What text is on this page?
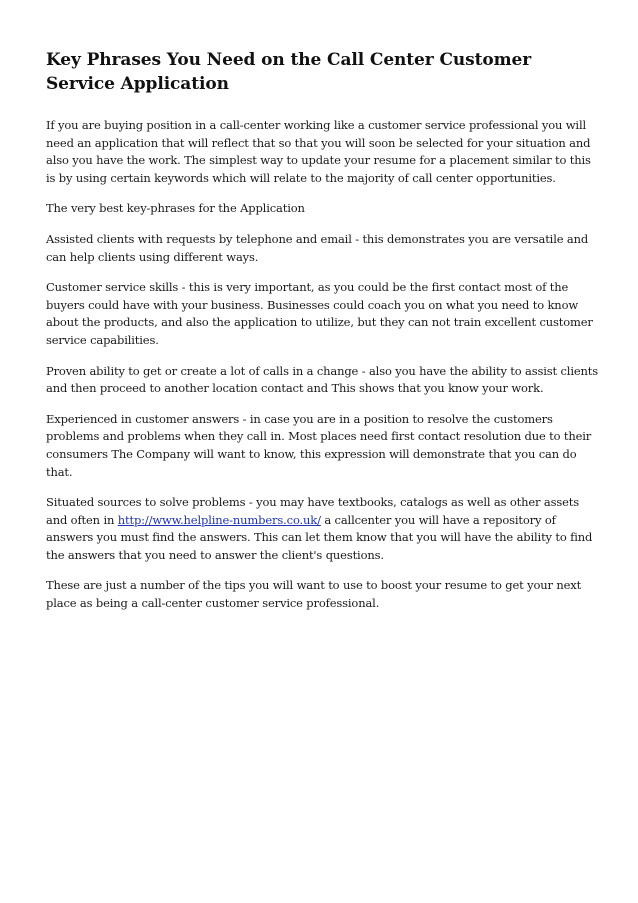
Key Phrases You Need on the Call Center Customer Service Application

If you are buying position in a call-center working like a customer service professional you will need an application that will reflect that so that you will soon be selected for your situation and also you have the work. The simplest way to update your resume for a placement similar to this is by using certain keywords which will relate to the majority of call center opportunities.

The very best key-phrases for the Application

Assisted clients with requests by telephone and email - this demonstrates you are versatile and can help clients using different ways.

Customer service skills - this is very important, as you could be the first contact most of the buyers could have with your business. Businesses could coach you on what you need to know about the products, and also the application to utilize, but they can not train excellent customer service capabilities.

Proven ability to get or create a lot of calls in a change - also you have the ability to assist clients and then proceed to another location contact and This shows that you know your work.

Experienced in customer answers - in case you are in a position to resolve the customers problems and problems when they call in. Most places need first contact resolution due to their consumers The Company will want to know, this expression will demonstrate that you can do that.

Situated sources to solve problems - you may have textbooks, catalogs as well as other assets and often in http://www.helpline-numbers.co.uk/ a callcenter you will have a repository of answers you must find the answers. This can let them know that you will have the ability to find the answers that you need to answer the client's questions.

These are just a number of the tips you will want to use to boost your resume to get your next place as being a call-center customer service professional.
